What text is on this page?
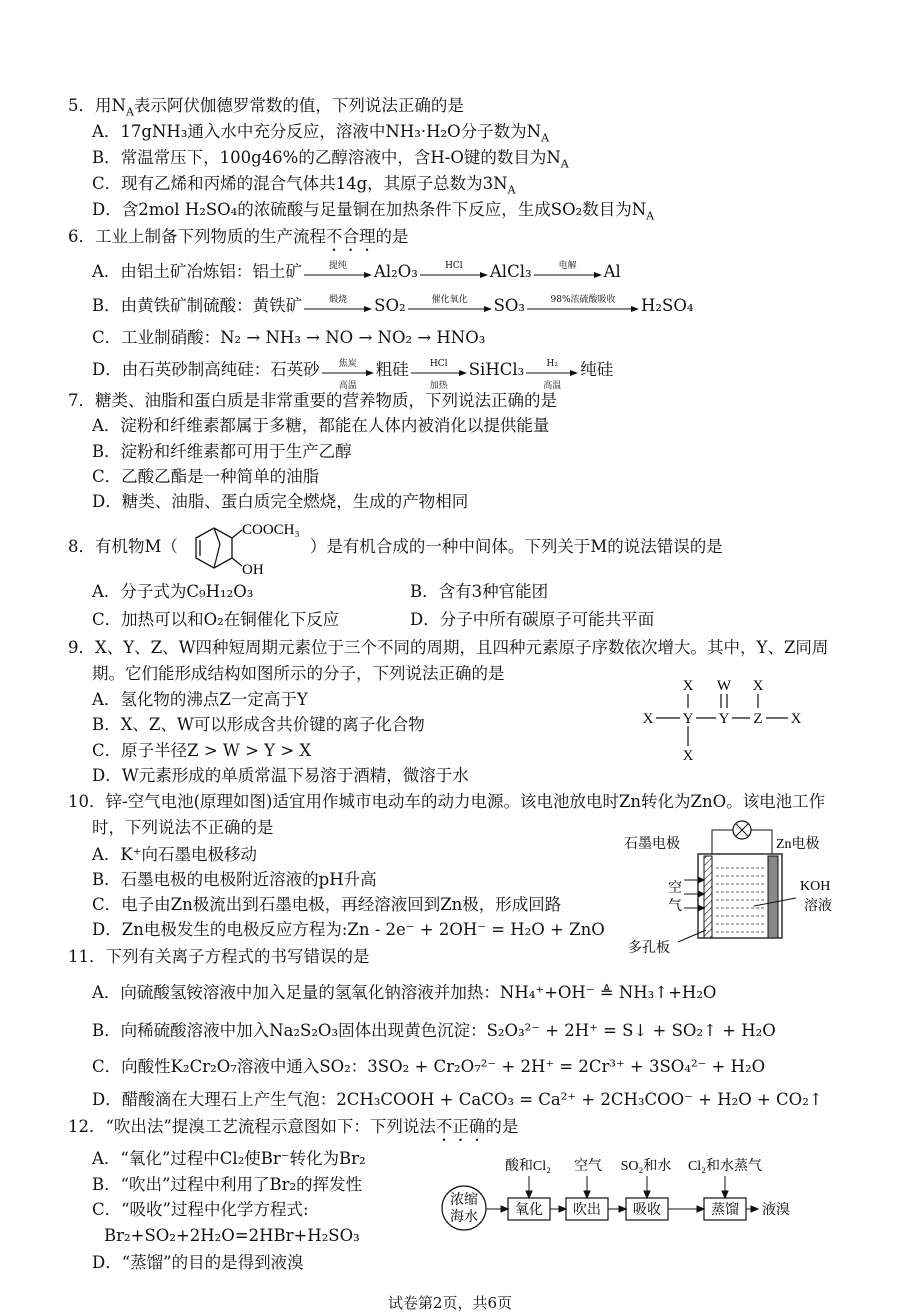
5．用$N_A$表示阿伏伽德罗常数的值，下列说法正确的是
A．17gNH₃通入水中充分反应，溶液中NH₃·H₂O分子数为$N_A$
B．常温常压下，100g46%的乙醇溶液中，含H-O键的数目为$N_A$
C．现有乙烯和丙烯的混合气体共14g，其原子总数为$3N_A$
D．含2mol H₂SO₄的浓硫酸与足量铜在加热条件下反应，生成SO₂数目为$N_A$
6．工业上制备下列物质的生产流程不合理的是
A．由铝土矿冶炼铝：铝土矿	提纯	Al₂O₃	HCl	AlCl₃	电解	Al
B．由黄铁矿制硫酸：黄铁矿	煅烧	SO₂	催化氧化	SO₃	98%浓硫酸吸收	H₂SO₄
C．工业制硝酸：N₂ → NH₃ → NO → NO₂ → HNO₃
D．由石英砂制高纯硅：石英砂	焦炭
高温
粗硅	HCl
加热
SiHCl₃	H₂
高温
纯硅
7．糖类、油脂和蛋白质是非常重要的营养物质，下列说法正确的是
A．淀粉和纤维素都属于多糖，都能在人体内被消化以提供能量
B．淀粉和纤维素都可用于生产乙醇
C．乙酸乙酯是一种简单的油脂
D．糖类、油脂、蛋白质完全燃烧，生成的产物相同
8．有机物M（	）是有机合成的一种中间体。下列关于M的说法错误的是
COOCH₃
OH
A．分子式为C₉H₁₂O₃	B．含有3种官能团
C．加热可以和O₂在铜催化下反应	D．分子中所有碳原子可能共平面
9．X、Y、Z、W四种短周期元素位于三个不同的周期，且四种元素原子序数依次增大。其中，Y、Z同周
期。它们能形成结构如图所示的分子，下列说法正确的是
A．氢化物的沸点Z一定高于Y
B．X、Z、W可以形成含共价键的离子化合物
C．原子半径Z > W > Y > X
D．W元素形成的单质常温下易溶于酒精，微溶于水
X Y Y Z X
X W X
X
10．锌-空气电池(原理如图)适宜用作城市电动车的动力电源。该电池放电时Zn转化为ZnO。该电池工作
时，下列说法不正确的是
A．K⁺向石墨电极移动
B．石墨电极的电极附近溶液的pH升高
C．电子由Zn极流出到石墨电极，再经溶液回到Zn极，形成回路
D．Zn电极发生的电极反应方程为:Zn - 2e⁻ + 2OH⁻ = H₂O + ZnO
石墨电极	Zn电极
空
气
KOH
溶液
多孔板
11．下列有关离子方程式的书写错误的是
A．向硫酸氢铵溶液中加入足量的氢氧化钠溶液并加热：NH₄⁺+OH⁻ ≜ NH₃↑+H₂O
B．向稀硫酸溶液中加入Na₂S₂O₃固体出现黄色沉淀：S₂O₃²⁻ + 2H⁺ = S↓ + SO₂↑ + H₂O
C．向酸性K₂Cr₂O₇溶液中通入SO₂：3SO₂ + Cr₂O₇²⁻ + 2H⁺ = 2Cr³⁺ + 3SO₄²⁻ + H₂O
D．醋酸滴在大理石上产生气泡：2CH₃COOH + CaCO₃ = Ca²⁺ + 2CH₃COO⁻ + H₂O + CO₂↑
12．“吹出法”提溴工艺流程示意图如下：下列说法不正确的是
A．“氧化”过程中Cl₂使Br⁻转化为Br₂
B．“吹出”过程中利用了Br₂的挥发性
C．“吸收”过程中化学方程式:
Br₂+SO₂+2H₂O=2HBr+H₂SO₃
D．“蒸馏”的目的是得到液溴
酸和Cl₂ 空气 SO₂和水 Cl₂和水蒸气
浓缩
海水	氧化 吹出 吸收	蒸馏 液溴
试卷第2页，共6页
